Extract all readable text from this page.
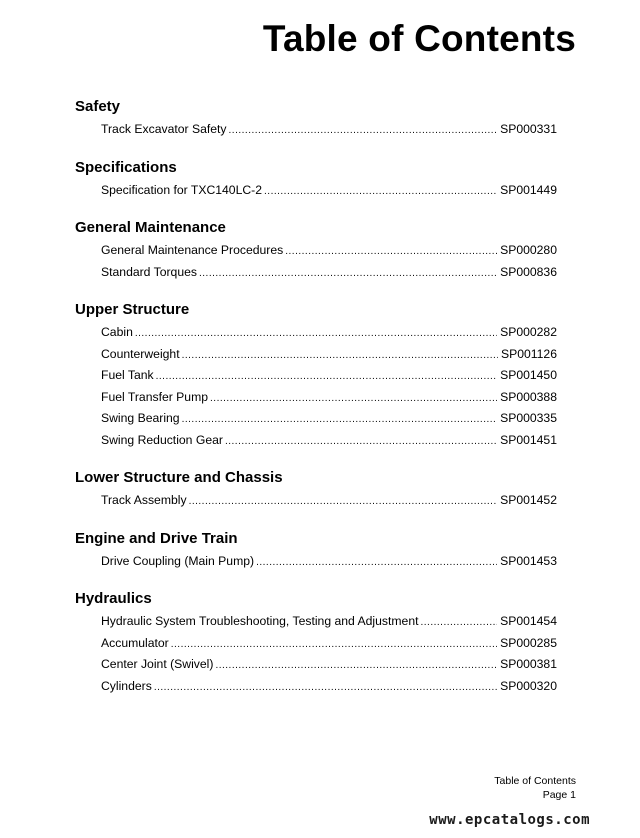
Table of Contents
Safety
Track Excavator Safety .....	SP000331
Specifications
Specification for TXC140LC-2 .....	SP001449
General Maintenance
General Maintenance Procedures .....	SP000280
Standard Torques .....	SP000836
Upper Structure
Cabin .....	SP000282
Counterweight .....	SP001126
Fuel Tank .....	SP001450
Fuel Transfer Pump .....	SP000388
Swing Bearing .....	SP000335
Swing Reduction Gear .....	SP001451
Lower Structure and Chassis
Track Assembly .....	SP001452
Engine and Drive Train
Drive Coupling (Main Pump) .....	SP001453
Hydraulics
Hydraulic System Troubleshooting, Testing and Adjustment .....	SP001454
Accumulator .....	SP000285
Center Joint (Swivel) .....	SP000381
Cylinders .....	SP000320
Table of Contents
Page 1
www.epcatalogs.com
